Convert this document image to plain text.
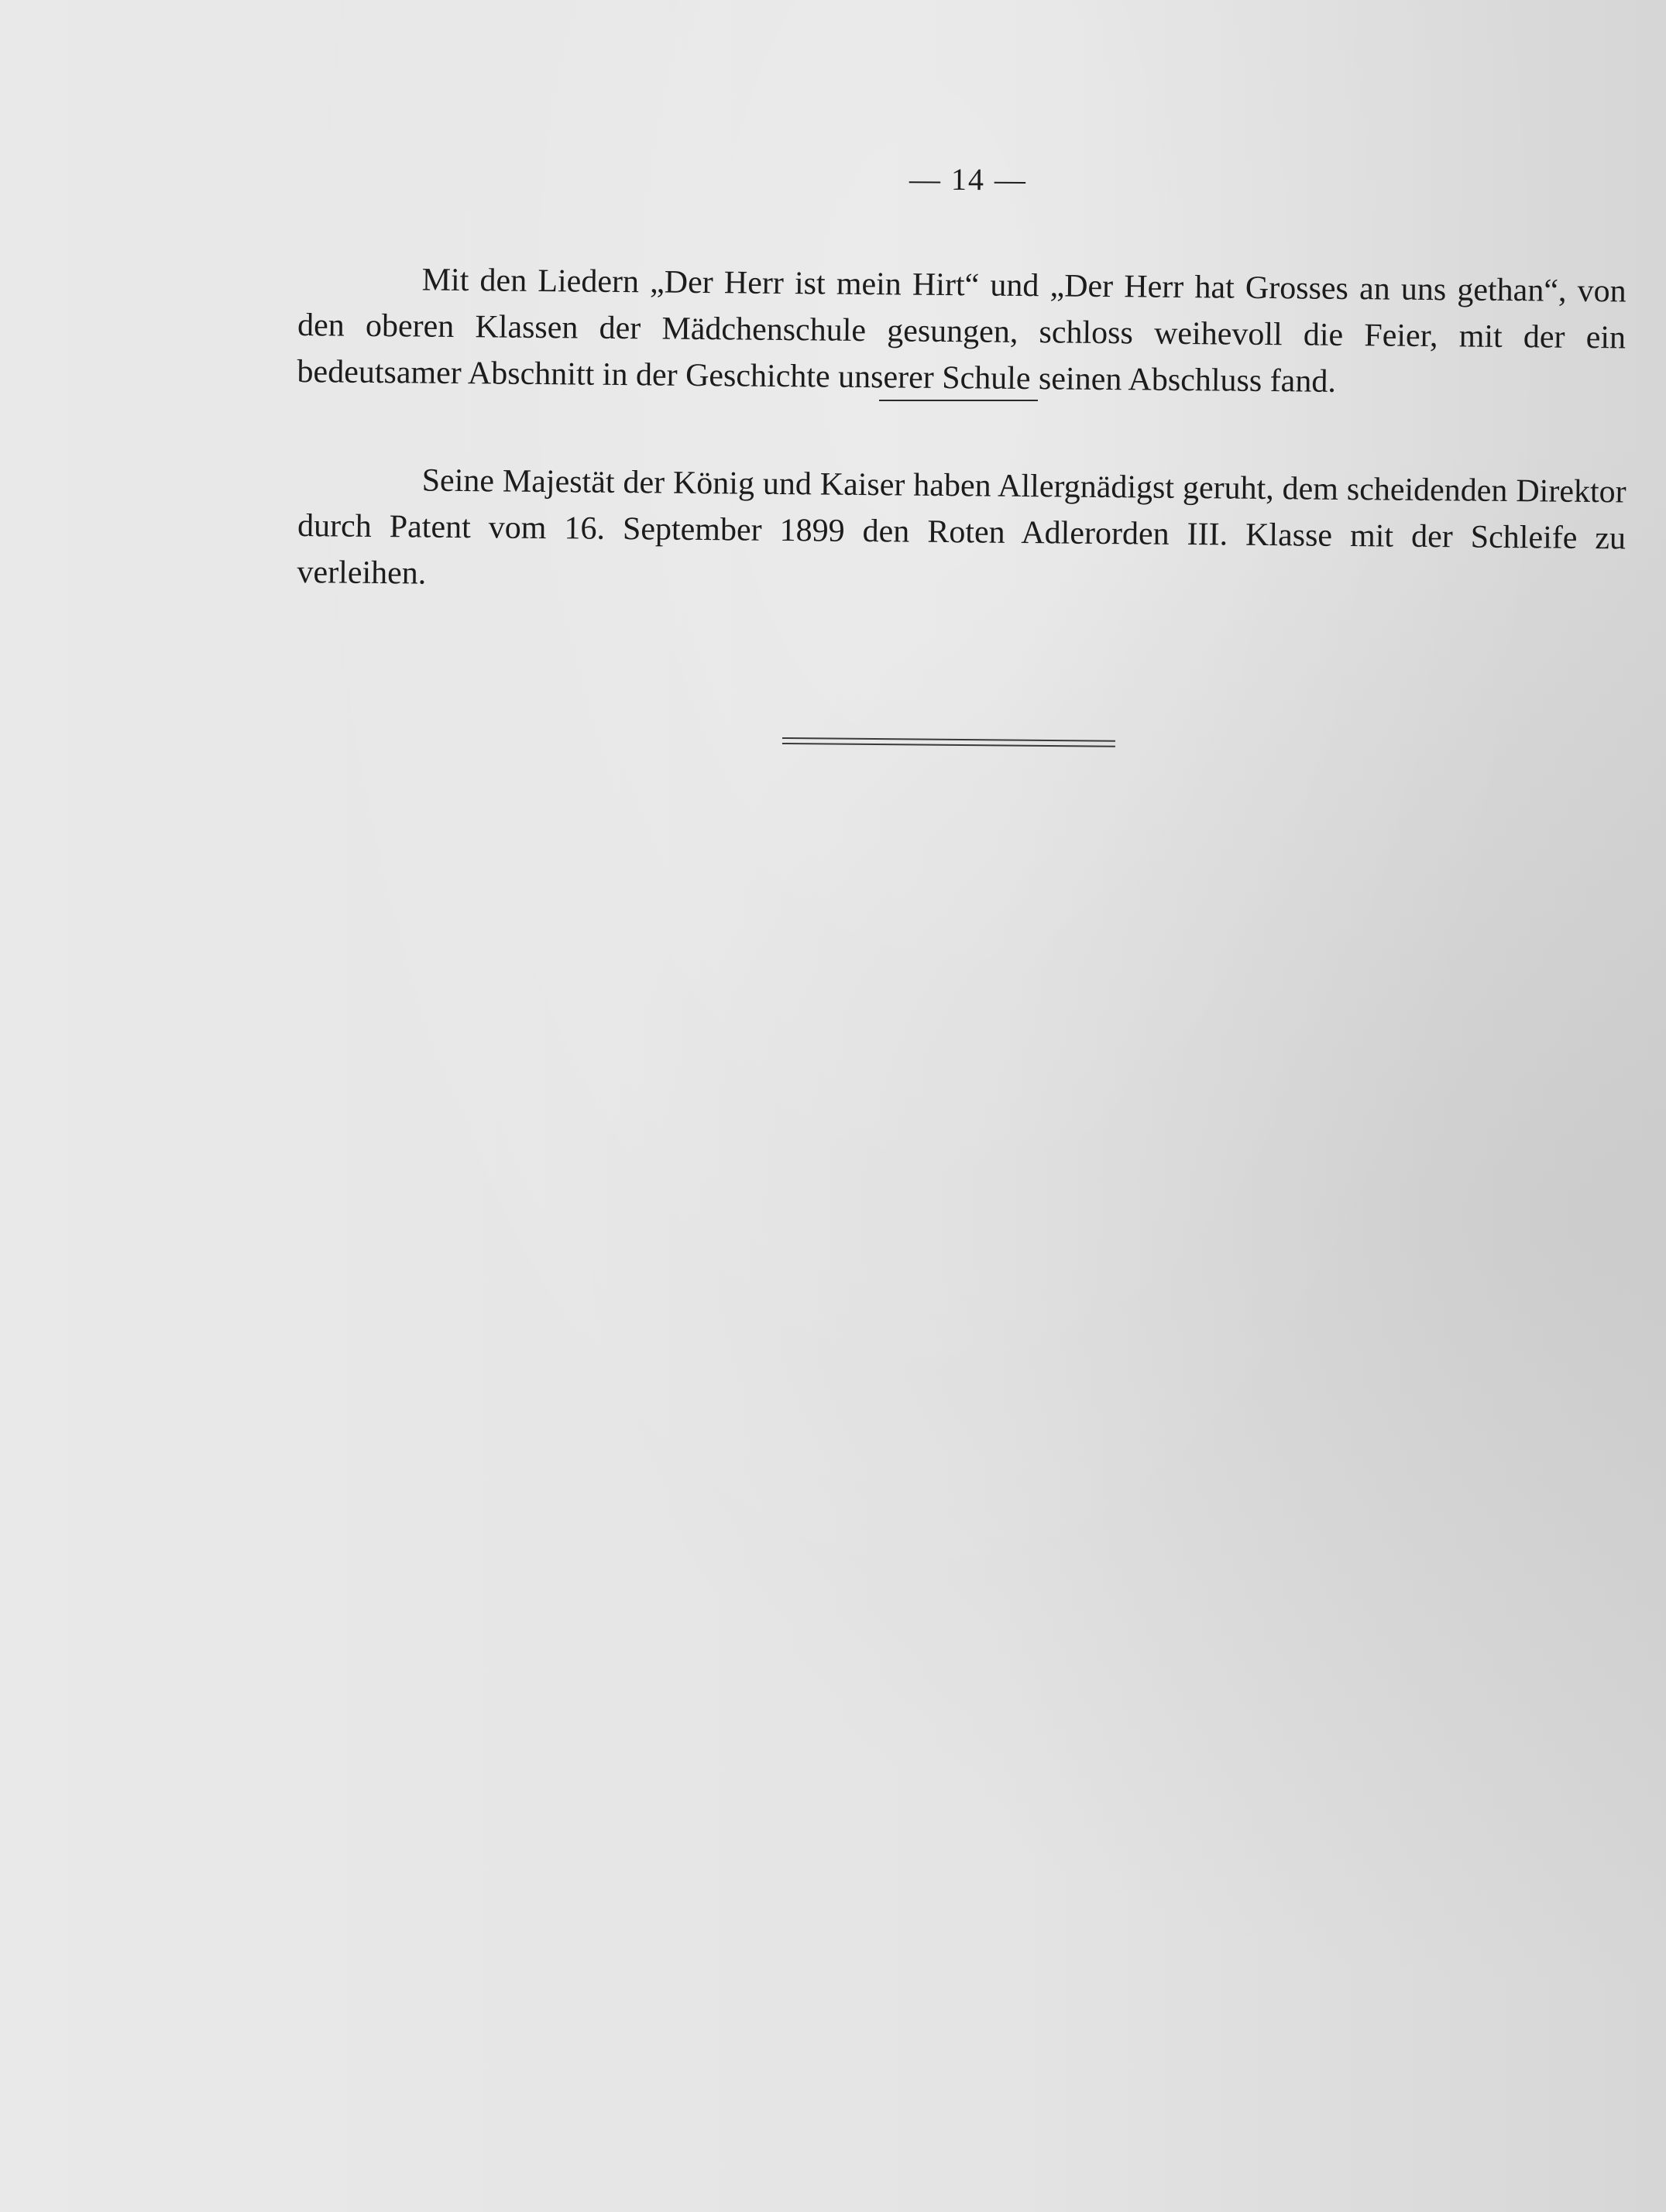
— 14 —

Mit den Liedern „Der Herr ist mein Hirt“ und „Der Herr hat Grosses an uns gethan“, von den oberen Klassen der Mädchenschule gesungen, schloss weihevoll die Feier, mit der ein bedeutsamer Abschnitt in der Geschichte unserer Schule seinen Abschluss fand.

Seine Majestät der König und Kaiser haben Allergnädigst geruht, dem scheidenden Direktor durch Patent vom 16. September 1899 den Roten Adlerorden III. Klasse mit der Schleife zu verleihen.
